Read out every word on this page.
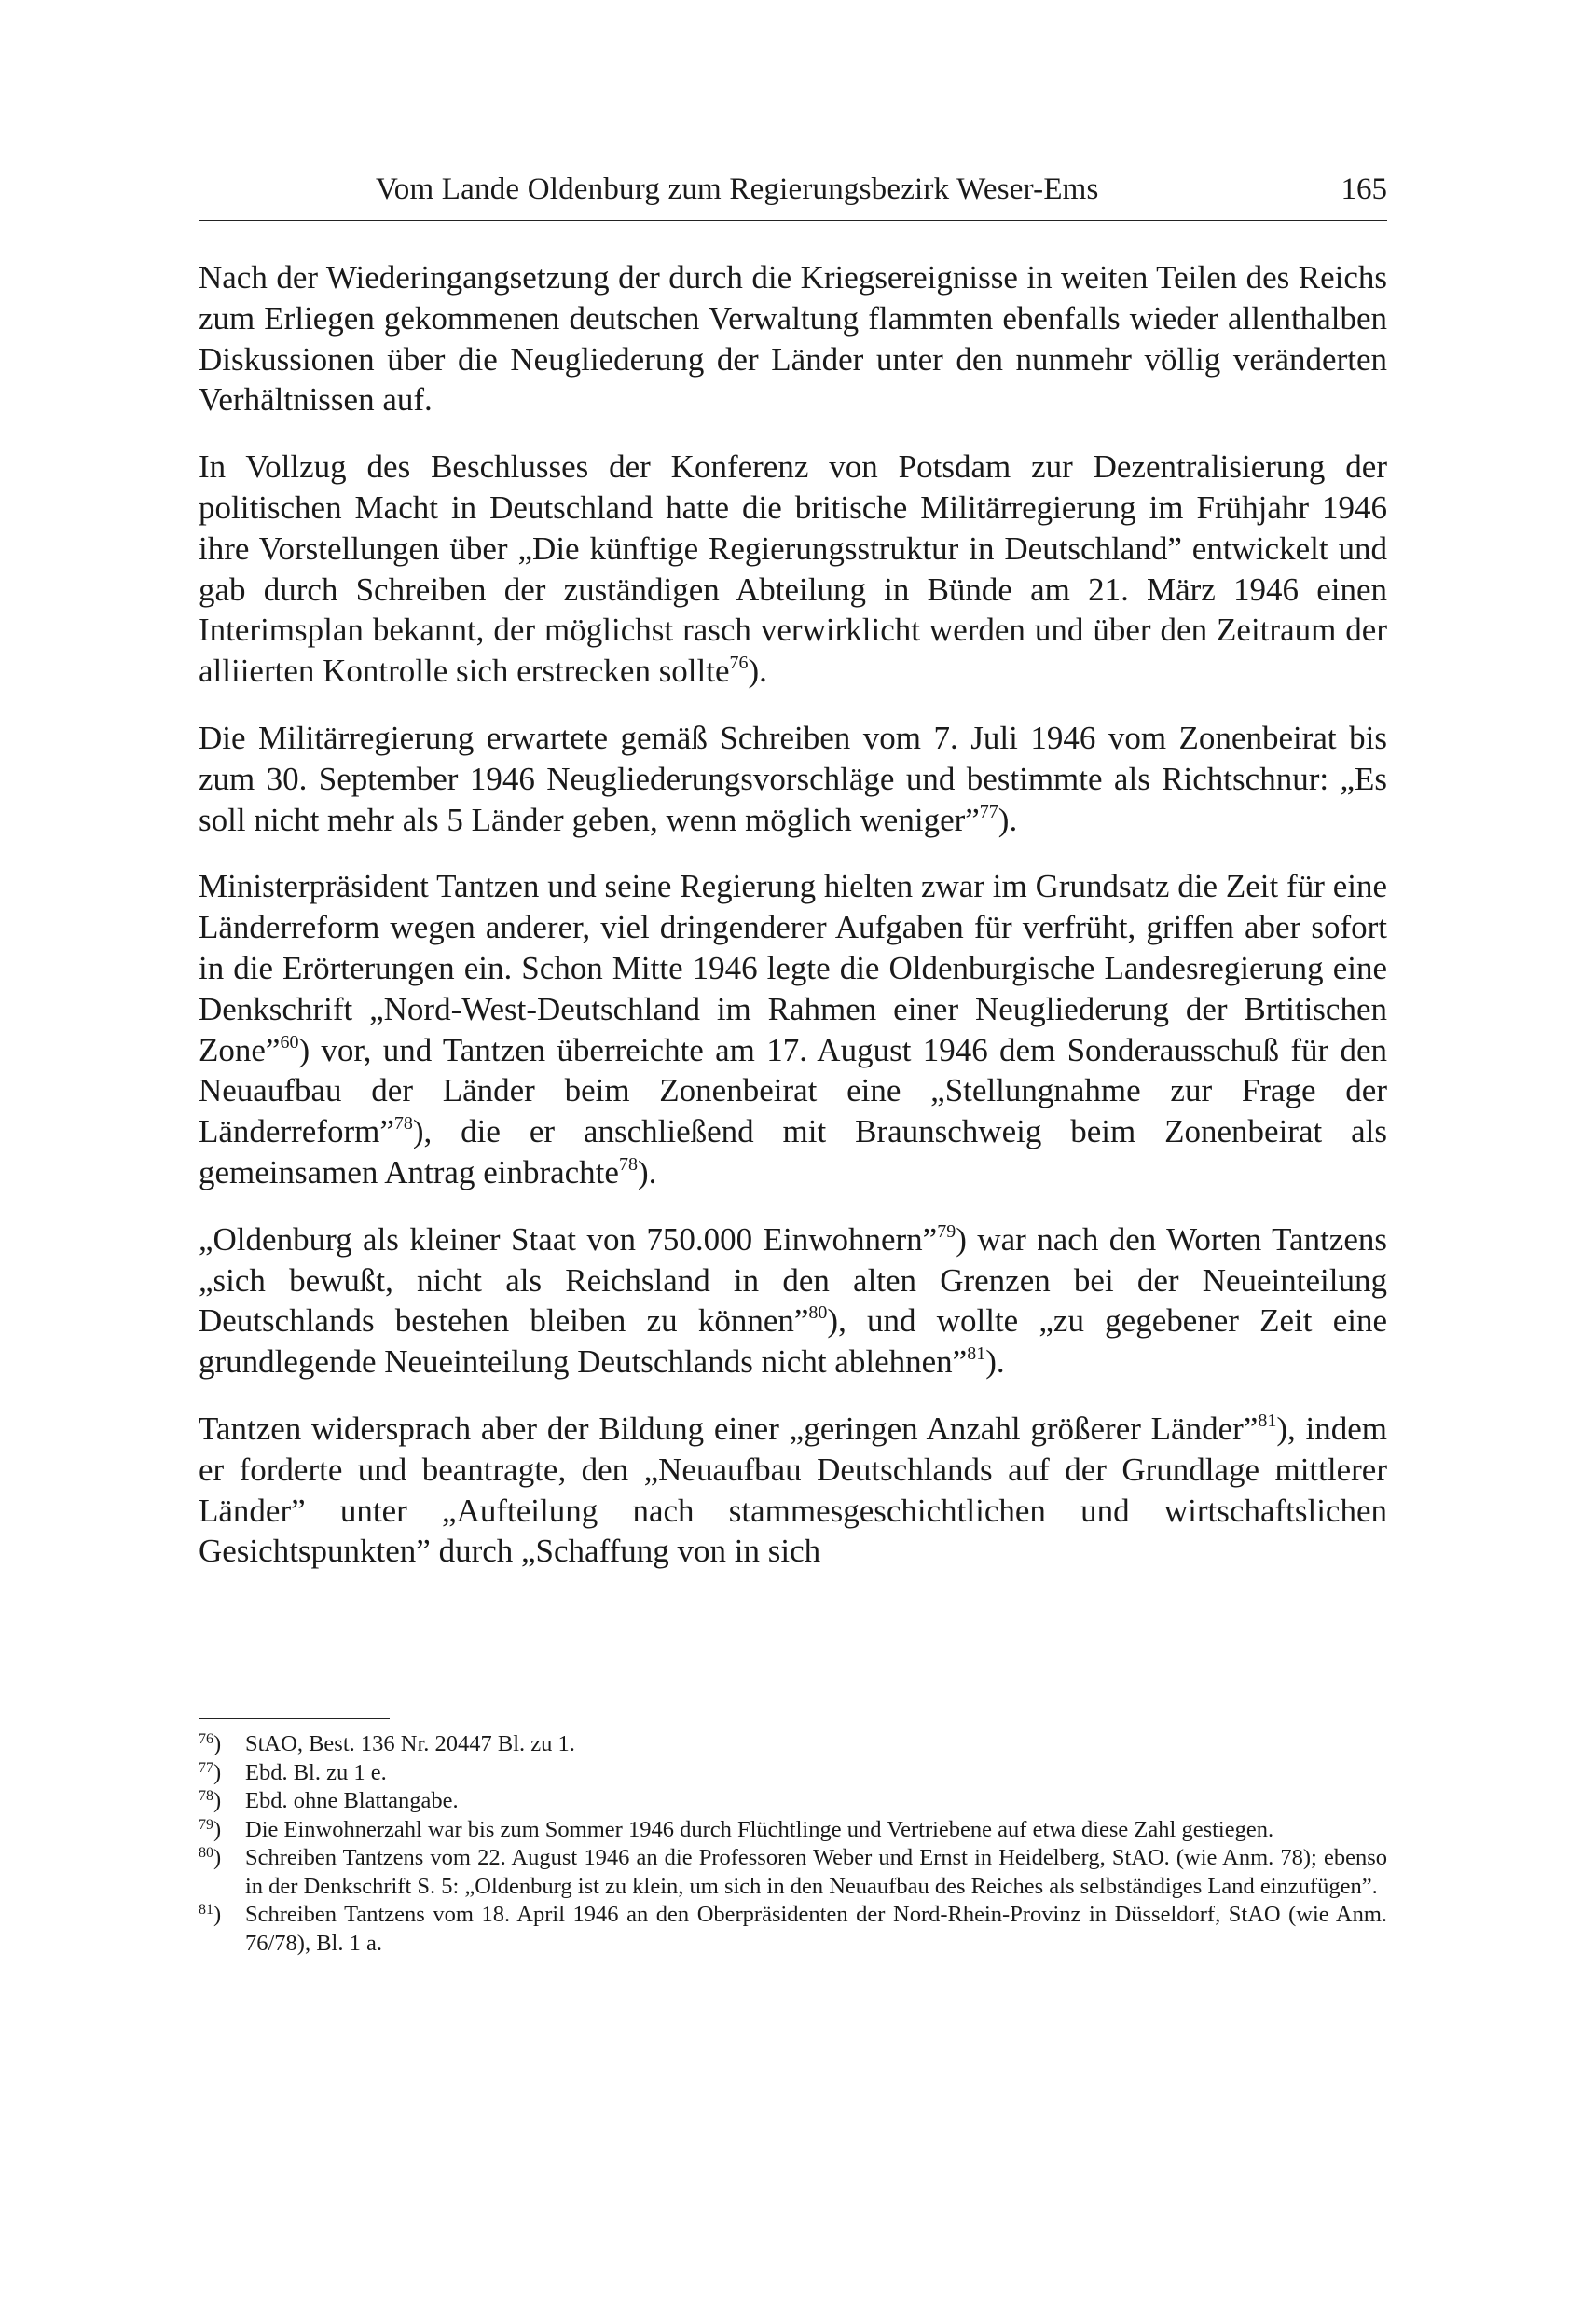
Vom Lande Oldenburg zum Regierungsbezirk Weser-Ems	165

Nach der Wiederingangsetzung der durch die Kriegsereignisse in weiten Teilen des Reichs zum Erliegen gekommenen deutschen Verwaltung flammten ebenfalls wieder allenthalben Diskussionen über die Neugliederung der Länder unter den nunmehr völlig veränderten Verhältnissen auf.

In Vollzug des Beschlusses der Konferenz von Potsdam zur Dezentralisierung der politischen Macht in Deutschland hatte die britische Militärregierung im Frühjahr 1946 ihre Vorstellungen über „Die künftige Regierungsstruktur in Deutschland” entwickelt und gab durch Schreiben der zuständigen Abteilung in Bünde am 21. März 1946 einen Interimsplan bekannt, der möglichst rasch verwirklicht werden und über den Zeitraum der alliierten Kontrolle sich erstrecken sollte$^{76}$).

Die Militärregierung erwartete gemäß Schreiben vom 7. Juli 1946 vom Zonenbeirat bis zum 30. September 1946 Neugliederungsvorschläge und bestimmte als Richtschnur: „Es soll nicht mehr als 5 Länder geben, wenn möglich weniger”$^{77}$).

Ministerpräsident Tantzen und seine Regierung hielten zwar im Grundsatz die Zeit für eine Länderreform wegen anderer, viel dringenderer Aufgaben für verfrüht, griffen aber sofort in die Erörterungen ein. Schon Mitte 1946 legte die Oldenburgische Landesregierung eine Denkschrift „Nord-West-Deutschland im Rahmen einer Neugliederung der Brtitischen Zone”$^{60}$) vor, und Tantzen überreichte am 17. August 1946 dem Sonderausschuß für den Neuaufbau der Länder beim Zonenbeirat eine „Stellungnahme zur Frage der Länderreform”$^{78}$), die er anschließend mit Braunschweig beim Zonenbeirat als gemeinsamen Antrag einbrachte$^{78}$).

„Oldenburg als kleiner Staat von 750.000 Einwohnern”$^{79}$) war nach den Worten Tantzens „sich bewußt, nicht als Reichsland in den alten Grenzen bei der Neueinteilung Deutschlands bestehen bleiben zu können”$^{80}$), und wollte „zu gegebener Zeit eine grundlegende Neueinteilung Deutschlands nicht ablehnen”$^{81}$).

Tantzen widersprach aber der Bildung einer „geringen Anzahl größerer Länder”$^{81}$), indem er forderte und beantragte, den „Neuaufbau Deutschlands auf der Grundlage mittlerer Länder” unter „Aufteilung nach stammesgeschichtlichen und wirtschaftslichen Gesichtspunkten” durch „Schaffung von in sich

$^{76}$)	StAO, Best. 136 Nr. 20447 Bl. zu 1.
$^{77}$)	Ebd. Bl. zu 1 e.
$^{78}$)	Ebd. ohne Blattangabe.
$^{79}$)	Die Einwohnerzahl war bis zum Sommer 1946 durch Flüchtlinge und Vertriebene auf etwa diese Zahl gestiegen.
$^{80}$)	Schreiben Tantzens vom 22. August 1946 an die Professoren Weber und Ernst in Heidelberg, StAO. (wie Anm. 78); ebenso in der Denkschrift S. 5: „Oldenburg ist zu klein, um sich in den Neuaufbau des Reiches als selbständiges Land einzufügen”.
$^{81}$)	Schreiben Tantzens vom 18. April 1946 an den Oberpräsidenten der Nord-Rhein-Provinz in Düsseldorf, StAO (wie Anm. 76/78), Bl. 1 a.
